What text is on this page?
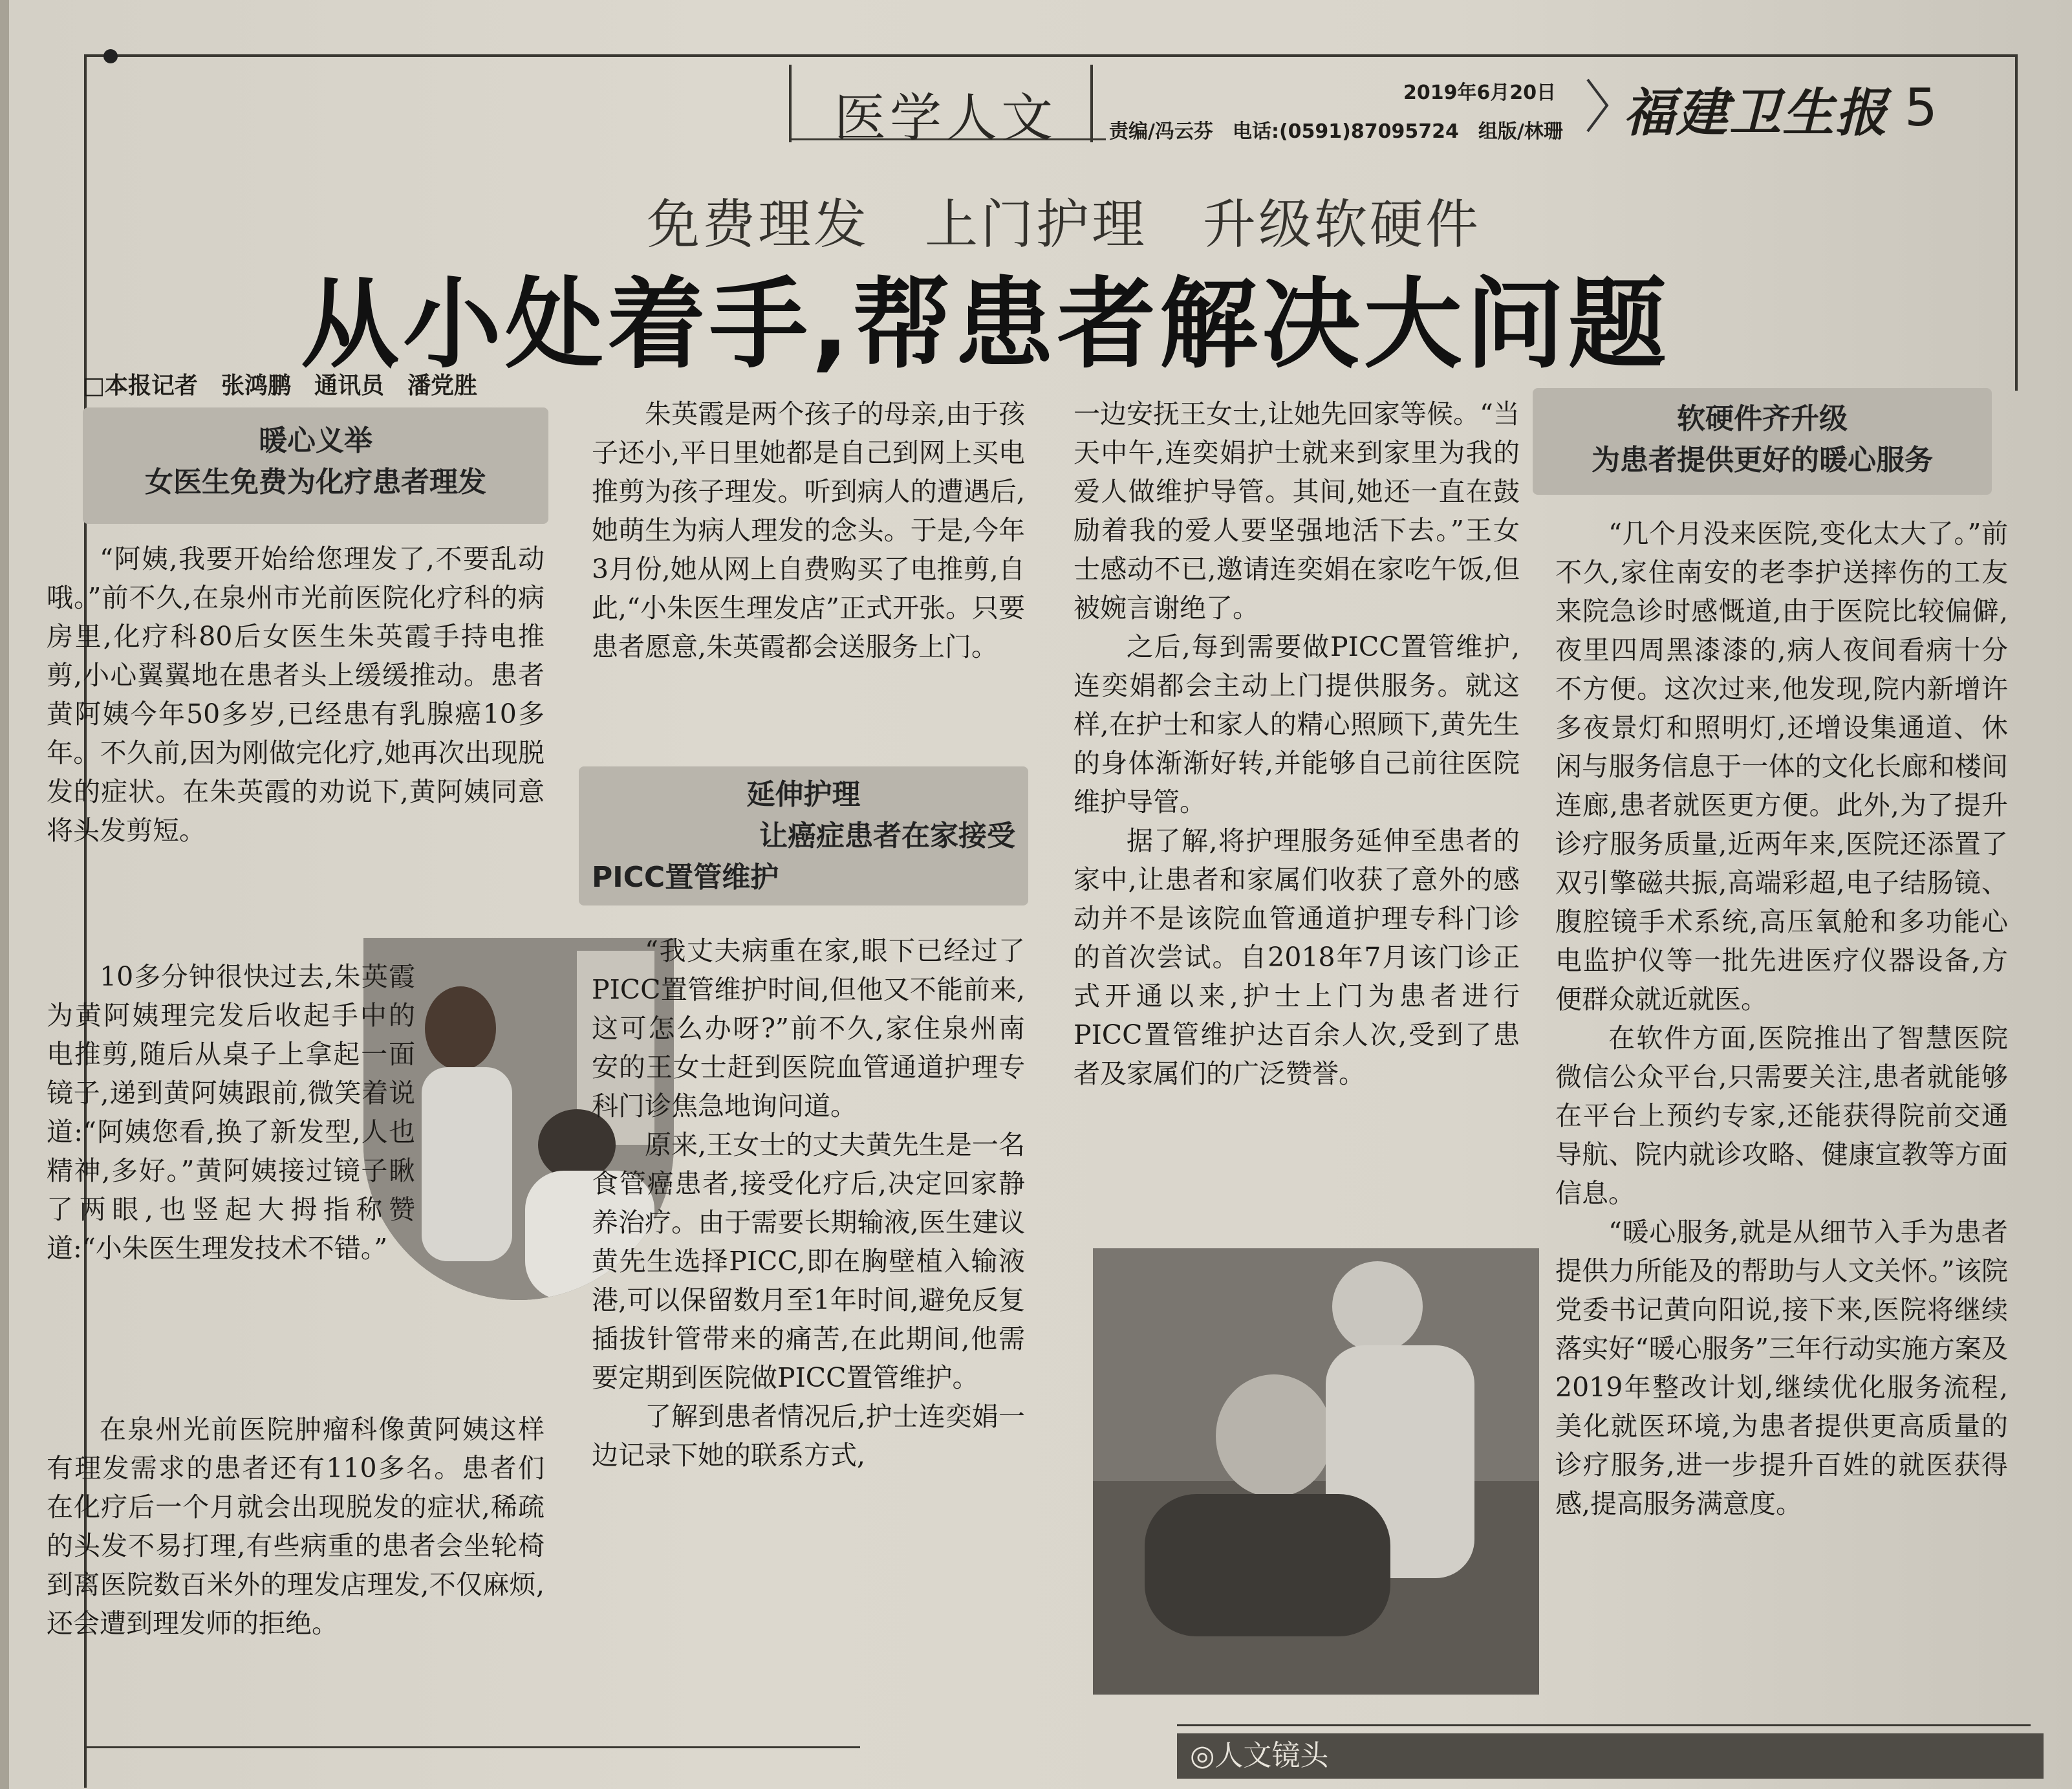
医学人文	2019年6月20日
责编/冯云芬　电话:(0591)87095724　组版/林珊 福建卫生报 5
免费理发　上门护理　升级软硬件
从小处着手,帮患者解决大问题
□本报记者　张鸿鹏　通讯员　潘党胜
暖心义举
女医生免费为化疗患者理发

“阿姨,我要开始给您理发了,不要乱动哦。”前不久,在泉州市光前医院化疗科的病房里,化疗科80后女医生朱英霞手持电推剪,小心翼翼地在患者头上缓缓推动。患者黄阿姨今年50多岁,已经患有乳腺癌10多年。不久前,因为刚做完化疗,她再次出现脱发的症状。在朱英霞的劝说下,黄阿姨同意将头发剪短。

10多分钟很快过去,朱英霞为黄阿姨理完发后收起手中的电推剪,随后从桌子上拿起一面镜子,递到黄阿姨跟前,微笑着说道:“阿姨您看,换了新发型,人也精神,多好。”黄阿姨接过镜子瞅了两眼,也竖起大拇指称赞道:“小朱医生理发技术不错。”

在泉州光前医院肿瘤科像黄阿姨这样有理发需求的患者还有110多名。患者们在化疗后一个月就会出现脱发的症状,稀疏的头发不易打理,有些病重的患者会坐轮椅到离医院数百米外的理发店理发,不仅麻烦,还会遭到理发师的拒绝。

朱英霞是两个孩子的母亲,由于孩子还小,平日里她都是自己到网上买电推剪为孩子理发。听到病人的遭遇后,她萌生为病人理发的念头。于是,今年3月份,她从网上自费购买了电推剪,自此,“小朱医生理发店”正式开张。只要患者愿意,朱英霞都会送服务上门。

延伸护理
让癌症患者在家接受
PICC置管维护

“我丈夫病重在家,眼下已经过了PICC置管维护时间,但他又不能前来,这可怎么办呀?”前不久,家住泉州南安的王女士赶到医院血管通道护理专科门诊焦急地询问道。

原来,王女士的丈夫黄先生是一名食管癌患者,接受化疗后,决定回家静养治疗。由于需要长期输液,医生建议黄先生选择PICC,即在胸壁植入输液港,可以保留数月至1年时间,避免反复插拔针管带来的痛苦,在此期间,他需要定期到医院做PICC置管维护。

了解到患者情况后,护士连奕娟一边记录下她的联系方式,

一边安抚王女士,让她先回家等候。“当天中午,连奕娟护士就来到家里为我的爱人做维护导管。其间,她还一直在鼓励着我的爱人要坚强地活下去。”王女士感动不已,邀请连奕娟在家吃午饭,但被婉言谢绝了。

之后,每到需要做PICC置管维护,连奕娟都会主动上门提供服务。就这样,在护士和家人的精心照顾下,黄先生的身体渐渐好转,并能够自己前往医院维护导管。

据了解,将护理服务延伸至患者的家中,让患者和家属们收获了意外的感动并不是该院血管通道护理专科门诊的首次尝试。自2018年7月该门诊正式开通以来,护士上门为患者进行PICC置管维护达百余人次,受到了患者及家属们的广泛赞誉。

软硬件齐升级
为患者提供更好的暖心服务

“几个月没来医院,变化太大了。”前不久,家住南安的老李护送摔伤的工友来院急诊时感慨道,由于医院比较偏僻,夜里四周黑漆漆的,病人夜间看病十分不方便。这次过来,他发现,院内新增许多夜景灯和照明灯,还增设集通道、休闲与服务信息于一体的文化长廊和楼间连廊,患者就医更方便。此外,为了提升诊疗服务质量,近两年来,医院还添置了双引擎磁共振,高端彩超,电子结肠镜、腹腔镜手术系统,高压氧舱和多功能心电监护仪等一批先进医疗仪器设备,方便群众就近就医。

在软件方面,医院推出了智慧医院微信公众平台,只需要关注,患者就能够在平台上预约专家,还能获得院前交通导航、院内就诊攻略、健康宣教等方面信息。

“暖心服务,就是从细节入手为患者提供力所能及的帮助与人文关怀。”该院党委书记黄向阳说,接下来,医院将继续落实好“暖心服务”三年行动实施方案及2019年整改计划,继续优化服务流程,美化就医环境,为患者提供更高质量的诊疗服务,进一步提升百姓的就医获得感,提高服务满意度。

◎人文镜头
